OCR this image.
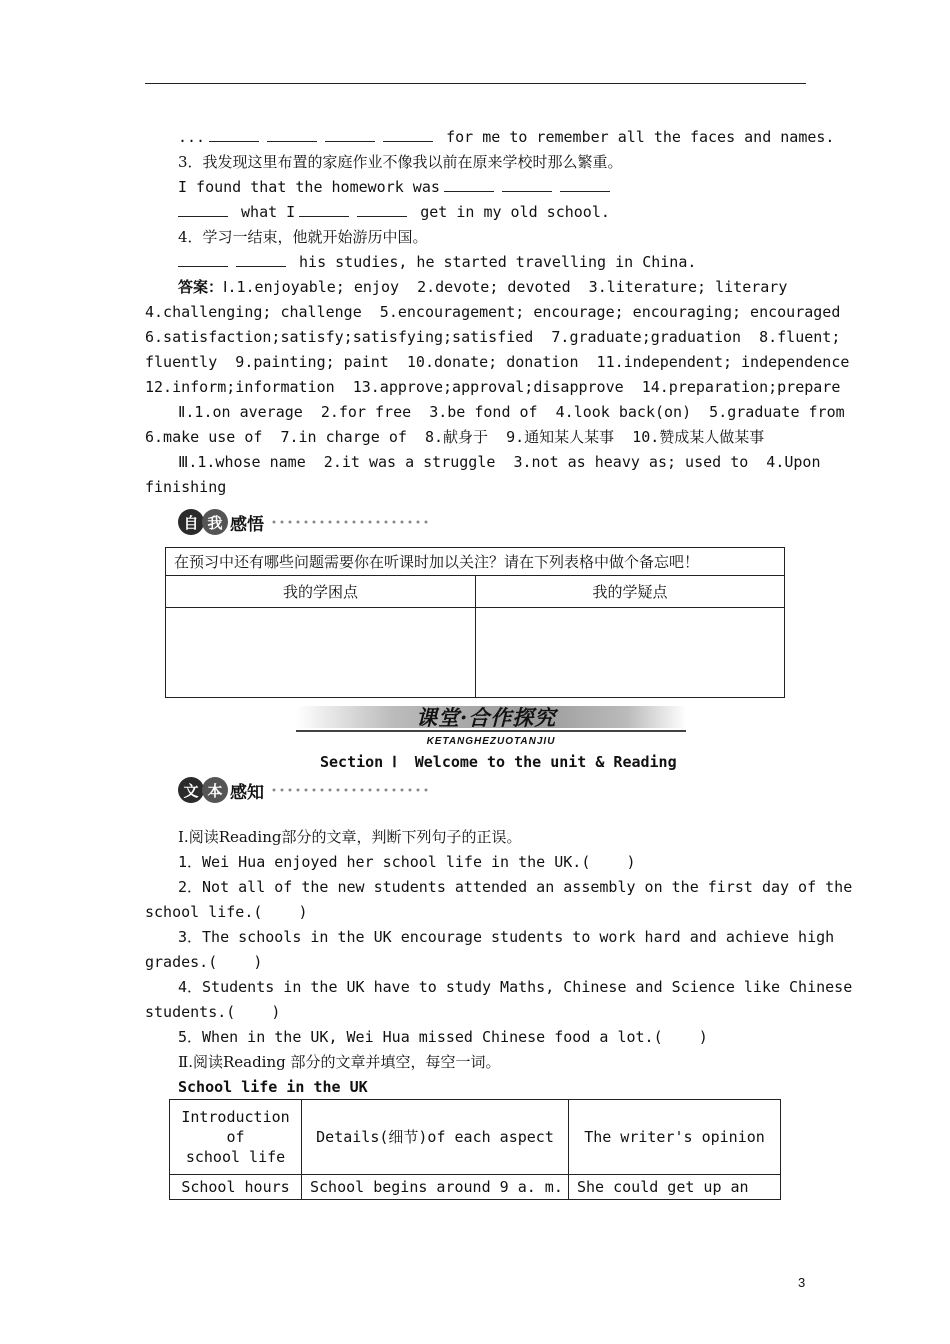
...	for me to remember all the faces and names.
3．我发现这里布置的家庭作业不像我以前在原来学校时那么繁重。
I found that the homework was
what I	get in my old school.
4．学习一结束，他就开始游历中国。
his studies, he started travelling in China.
答案：Ⅰ.1.enjoyable; enjoy  2.devote; devoted  3.literature; literary
4.challenging; challenge  5.encouragement; encourage; encouraging; encouraged
6.satisfaction;satisfy;satisfying;satisfied  7.graduate;graduation  8.fluent;
fluently  9.painting; paint  10.donate; donation  11.independent; independence
12.inform;information  13.approve;approval;disapprove  14.preparation;prepare
Ⅱ.1.on average  2.for free  3.be fond of  4.look back(on)  5.graduate from
6.make use of  7.in charge of  8.献身于  9.通知某人某事  10.赞成某人做某事
Ⅲ.1.whose name  2.it was a struggle  3.not as heavy as; used to  4.Upon
finishing
自 我 感悟
在预习中还有哪些问题需要你在听课时加以关注？请在下列表格中做个备忘吧！	
我的学困点	我的学疑点

课堂·合作探究
KETANGHEZUOTANJIU
Section Ⅰ  Welcome to the unit & Reading
文 本 感知
Ⅰ.阅读Reading部分的文章，判断下列句子的正误。
1．Wei Hua enjoyed her school life in the UK.(    )
2．Not all of the new students attended an assembly on the first day of the
school life.(    )
3．The schools in the UK encourage students to work hard and achieve high
grades.(    )
4．Students in the UK have to study Maths, Chinese and Science like Chinese
students.(    )
5．When in the UK, Wei Hua missed Chinese food a lot.(    )
Ⅱ.阅读Reading 部分的文章并填空，每空一词。
School life in the UK
Introduction
of
school life	Details(细节)of each aspect	The writer's opinion
School hours	School begins around 9 a. m.	She could get up an
3
